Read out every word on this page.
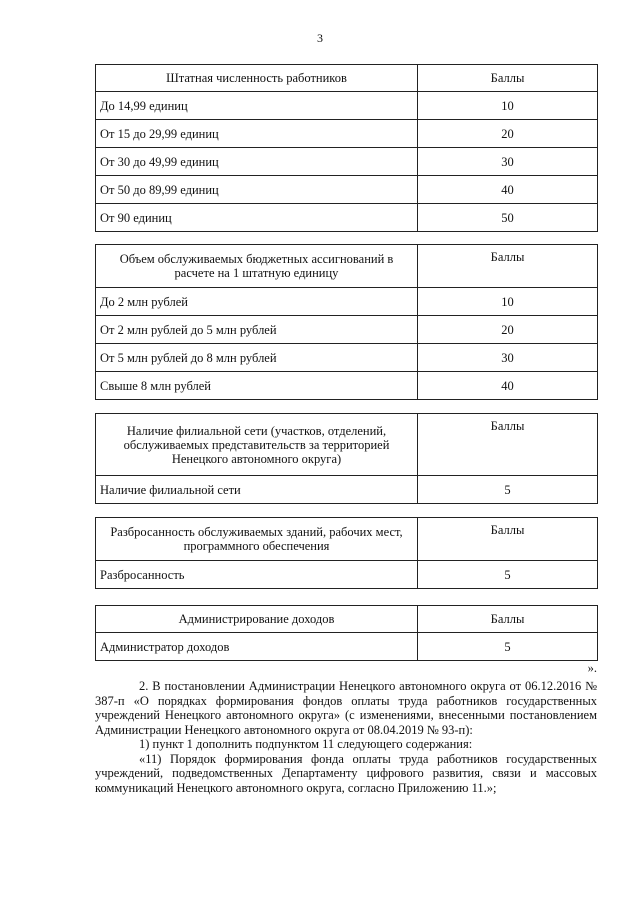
3
Штатная численность работников	Баллы
До 14,99 единиц	10
От 15 до 29,99 единиц	20
От 30 до 49,99 единиц	30
От 50 до 89,99 единиц	40
От 90 единиц	50
Объем обслуживаемых бюджетных ассигнований в расчете на 1 штатную единицу	Баллы
До 2 млн рублей	10
От 2 млн рублей до 5 млн рублей	20
От 5 млн рублей до 8 млн рублей	30
Свыше 8 млн рублей	40
Наличие филиальной сети (участков, отделений, обслуживаемых представительств за территорией Ненецкого автономного округа)	Баллы
Наличие филиальной сети	5
Разбросанность обслуживаемых зданий, рабочих мест, программного обеспечения	Баллы
Разбросанность	5
Администрирование доходов	Баллы
Администратор доходов	5
».

2. В постановлении Администрации Ненецкого автономного округа от 06.12.2016 № 387-п «О порядках формирования фондов оплаты труда работников государственных учреждений Ненецкого автономного округа» (с изменениями, внесенными постановлением Администрации Ненецкого автономного округа от 08.04.2019 № 93-п):

1) пункт 1 дополнить подпунктом 11 следующего содержания:

«11) Порядок формирования фонда оплаты труда работников государственных учреждений, подведомственных Департаменту цифрового развития, связи и массовых коммуникаций Ненецкого автономного округа, согласно Приложению 11.»;
